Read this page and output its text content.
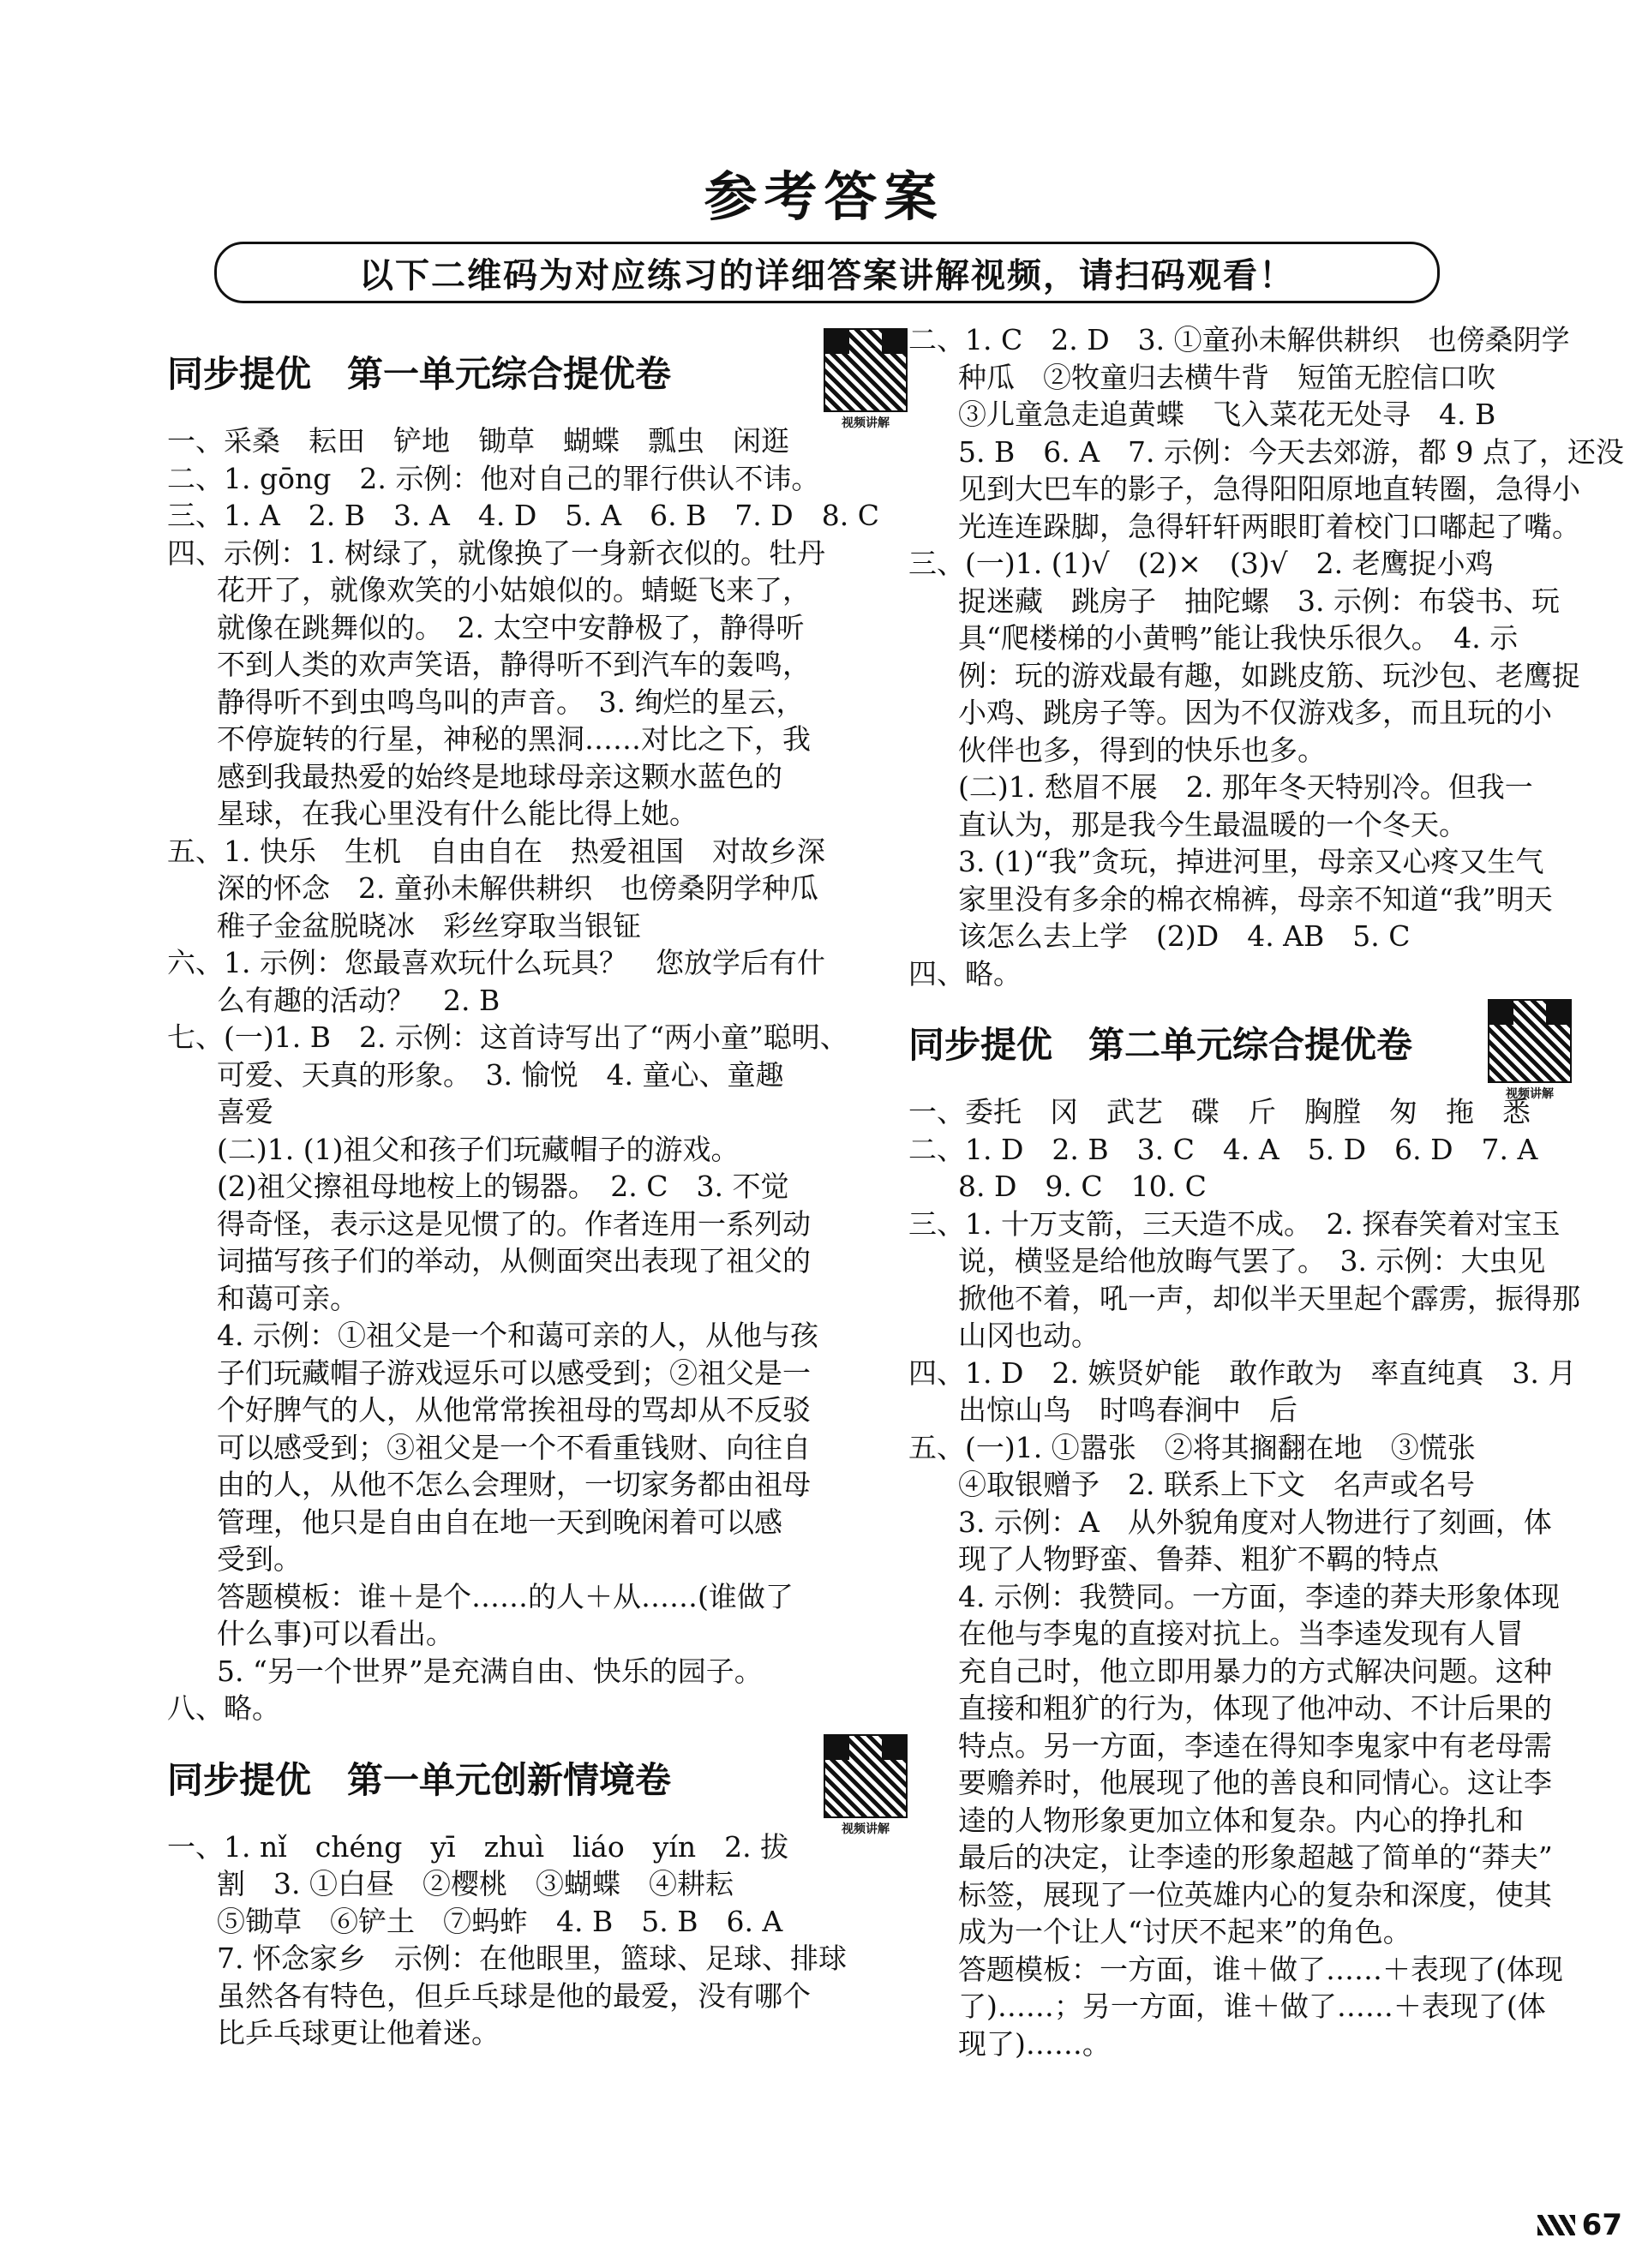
参考答案
以下二维码为对应练习的详细答案讲解视频，请扫码观看！
同步提优　第一单元综合提优卷
视频讲解
一、采桑　耘田　铲地　锄草　蝴蝶　瓢虫　闲逛
二、1. gōng　2. 示例：他对自己的罪行供认不讳。
三、1. A　2. B　3. A　4. D　5. A　6. B　7. D　8. C
四、示例：1. 树绿了，就像换了一身新衣似的。牡丹
花开了，就像欢笑的小姑娘似的。蜻蜓飞来了，
就像在跳舞似的。　2. 太空中安静极了，静得听
不到人类的欢声笑语，静得听不到汽车的轰鸣，
静得听不到虫鸣鸟叫的声音。　3. 绚烂的星云，
不停旋转的行星，神秘的黑洞……对比之下，我
感到我最热爱的始终是地球母亲这颗水蓝色的
星球，在我心里没有什么能比得上她。
五、1. 快乐　生机　自由自在　热爱祖国　对故乡深
深的怀念　2. 童孙未解供耕织　也傍桑阴学种瓜
稚子金盆脱晓冰　彩丝穿取当银钲
六、1. 示例：您最喜欢玩什么玩具？　您放学后有什
么有趣的活动？　2. B
七、(一)1. B　2. 示例：这首诗写出了“两小童”聪明、
可爱、天真的形象。　3. 愉悦　4. 童心、童趣
喜爱
(二)1. (1)祖父和孩子们玩藏帽子的游戏。
(2)祖父擦祖母地桉上的锡器。　2. C　3. 不觉
得奇怪，表示这是见惯了的。作者连用一系列动
词描写孩子们的举动，从侧面突出表现了祖父的
和蔼可亲。
4. 示例：①祖父是一个和蔼可亲的人，从他与孩
子们玩藏帽子游戏逗乐可以感受到；②祖父是一
个好脾气的人，从他常常挨祖母的骂却从不反驳
可以感受到；③祖父是一个不看重钱财、向往自
由的人，从他不怎么会理财，一切家务都由祖母
管理，他只是自由自在地一天到晚闲着可以感
受到。
答题模板：谁＋是个……的人＋从……(谁做了
什么事)可以看出。
5. “另一个世界”是充满自由、快乐的园子。
八、略。
同步提优　第一单元创新情境卷
视频讲解
一、1. nǐ　chéng　yī　zhuì　liáo　yín　2. 拔
割　3. ①白昼　②樱桃　③蝴蝶　④耕耘
⑤锄草　⑥铲土　⑦蚂蚱　4. B　5. B　6. A
7. 怀念家乡　示例：在他眼里，篮球、足球、排球
虽然各有特色，但乒乓球是他的最爱，没有哪个
比乒乓球更让他着迷。
二、1. C　2. D　3. ①童孙未解供耕织　也傍桑阴学
种瓜　②牧童归去横牛背　短笛无腔信口吹
③儿童急走追黄蝶　飞入菜花无处寻　4. B
5. B　6. A　7. 示例：今天去郊游，都 9 点了，还没
见到大巴车的影子，急得阳阳原地直转圈，急得小
光连连跺脚，急得轩轩两眼盯着校门口嘟起了嘴。
三、(一)1. (1)√　(2)×　(3)√　2. 老鹰捉小鸡
捉迷藏　跳房子　抽陀螺　3. 示例：布袋书、玩
具“爬楼梯的小黄鸭”能让我快乐很久。　4. 示
例：玩的游戏最有趣，如跳皮筋、玩沙包、老鹰捉
小鸡、跳房子等。因为不仅游戏多，而且玩的小
伙伴也多，得到的快乐也多。
(二)1. 愁眉不展　2. 那年冬天特别冷。但我一
直认为，那是我今生最温暖的一个冬天。
3. (1)“我”贪玩，掉进河里，母亲又心疼又生气
家里没有多余的棉衣棉裤，母亲不知道“我”明天
该怎么去上学　(2)D　4. AB　5. C
四、略。
同步提优　第二单元综合提优卷
视频讲解
一、委托　冈　武艺　碟　斤　胸膛　匆　拖　悉
二、1. D　2. B　3. C　4. A　5. D　6. D　7. A
8. D　9. C　10. C
三、1. 十万支箭，三天造不成。　2. 探春笑着对宝玉
说，横竖是给他放晦气罢了。　3. 示例：大虫见
掀他不着，吼一声，却似半天里起个霹雳，振得那
山冈也动。
四、1. D　2. 嫉贤妒能　敢作敢为　率直纯真　3. 月
出惊山鸟　时鸣春涧中　后
五、(一)1. ①嚣张　②将其搁翻在地　③慌张
④取银赠予　2. 联系上下文　名声或名号
3. 示例：A　从外貌角度对人物进行了刻画，体
现了人物野蛮、鲁莽、粗犷不羁的特点
4. 示例：我赞同。一方面，李逵的莽夫形象体现
在他与李鬼的直接对抗上。当李逵发现有人冒
充自己时，他立即用暴力的方式解决问题。这种
直接和粗犷的行为，体现了他冲动、不计后果的
特点。另一方面，李逵在得知李鬼家中有老母需
要赡养时，他展现了他的善良和同情心。这让李
逵的人物形象更加立体和复杂。内心的挣扎和
最后的决定，让李逵的形象超越了简单的“莽夫”
标签，展现了一位英雄内心的复杂和深度，使其
成为一个让人“讨厌不起来”的角色。
答题模板：一方面，谁＋做了……＋表现了(体现
了)……；另一方面，谁＋做了……＋表现了(体
现了)……。
67
